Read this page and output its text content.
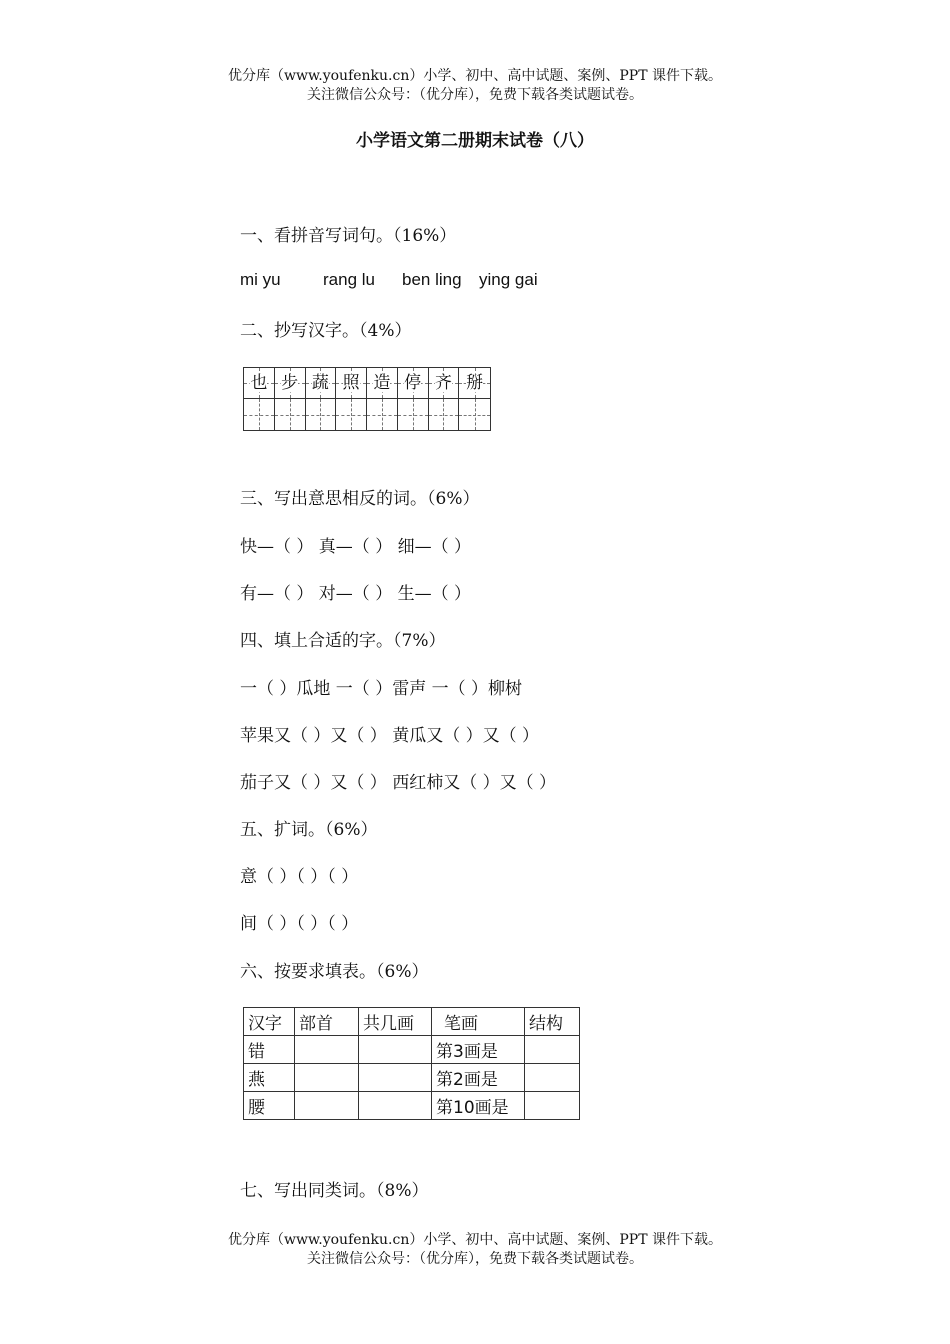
优分库（www.youfenku.cn）小学、初中、高中试题、案例、PPT 课件下载。
关注微信公众号：（优分库），免费下载各类试题试卷。
小学语文第二册期末试卷（八）
一、看拼音写词句。（16%）
mi yu rang lu ben ling ying gai
二、抄写汉字。（4%）
也 步 蔬 照 造 停 齐 掰
三、写出意思相反的词。（6%）
快—（ ） 真—（ ） 细—（ ）
有—（ ） 对—（ ） 生—（ ）
四、填上合适的字。（7%）
一（ ）瓜地 一（ ）雷声 一（ ）柳树
苹果又（ ）又（ ） 黄瓜又（ ）又（ ）
茄子又（ ）又（ ） 西红柿又（ ）又（ ）
五、扩词。（6%）
意（ ）（ ）（ ）
间（ ）（ ）（ ）
六、按要求填表。（6%）
汉字	部首	共几画	笔画	结构
错			第3画是	
燕			第2画是	
腰			第10画是	
七、写出同类词。（8%）
优分库（www.youfenku.cn）小学、初中、高中试题、案例、PPT 课件下载。
关注微信公众号：（优分库），免费下载各类试题试卷。
